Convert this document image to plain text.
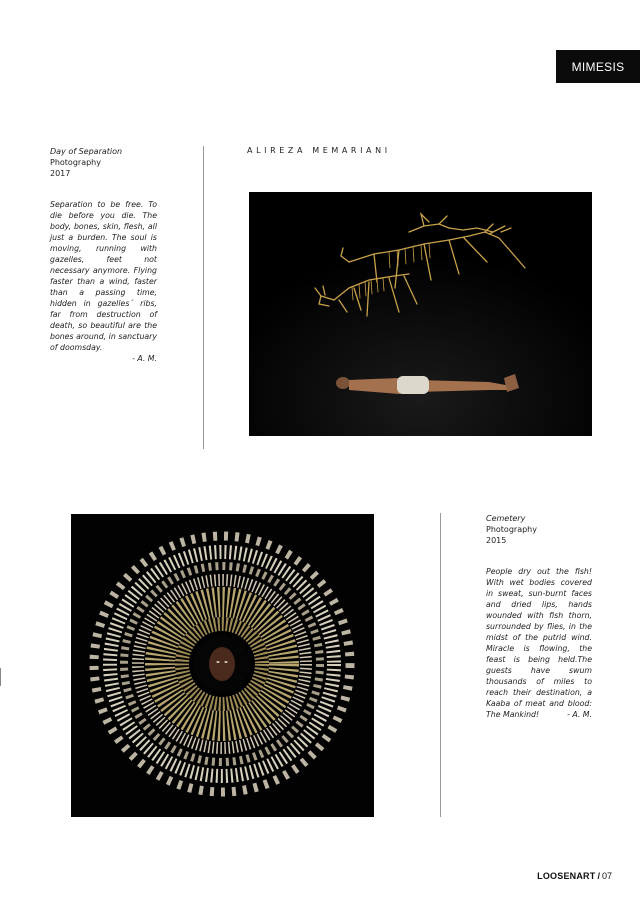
MIMESIS
ALIREZA MEMARIANI
Day of Separation
Photography
2017
Separation to be free. To die before you die. The body, bones, skin, flesh, all just a burden. The soul is moving, running with gazelles, feet not necessary anymore. Flying faster than a wind, faster than a passing time, hidden in gazelles´ ribs, far from destruction of death, so beautiful are the bones around, in sanctuary of doomsday.
- A. M.
Cemetery
Photography
2015
People dry out the fish! With wet bodies covered in sweat, sun-burnt faces and dried lips, hands wounded with fish thorn, surrounded by flies, in the midst of the putrid wind. Miracle is flowing, the feast is being held.The guests have swum thousands of miles to reach their destination, a Kaaba of meat and blood: The Mankind!	- A. M.
LOOSENART / 07
